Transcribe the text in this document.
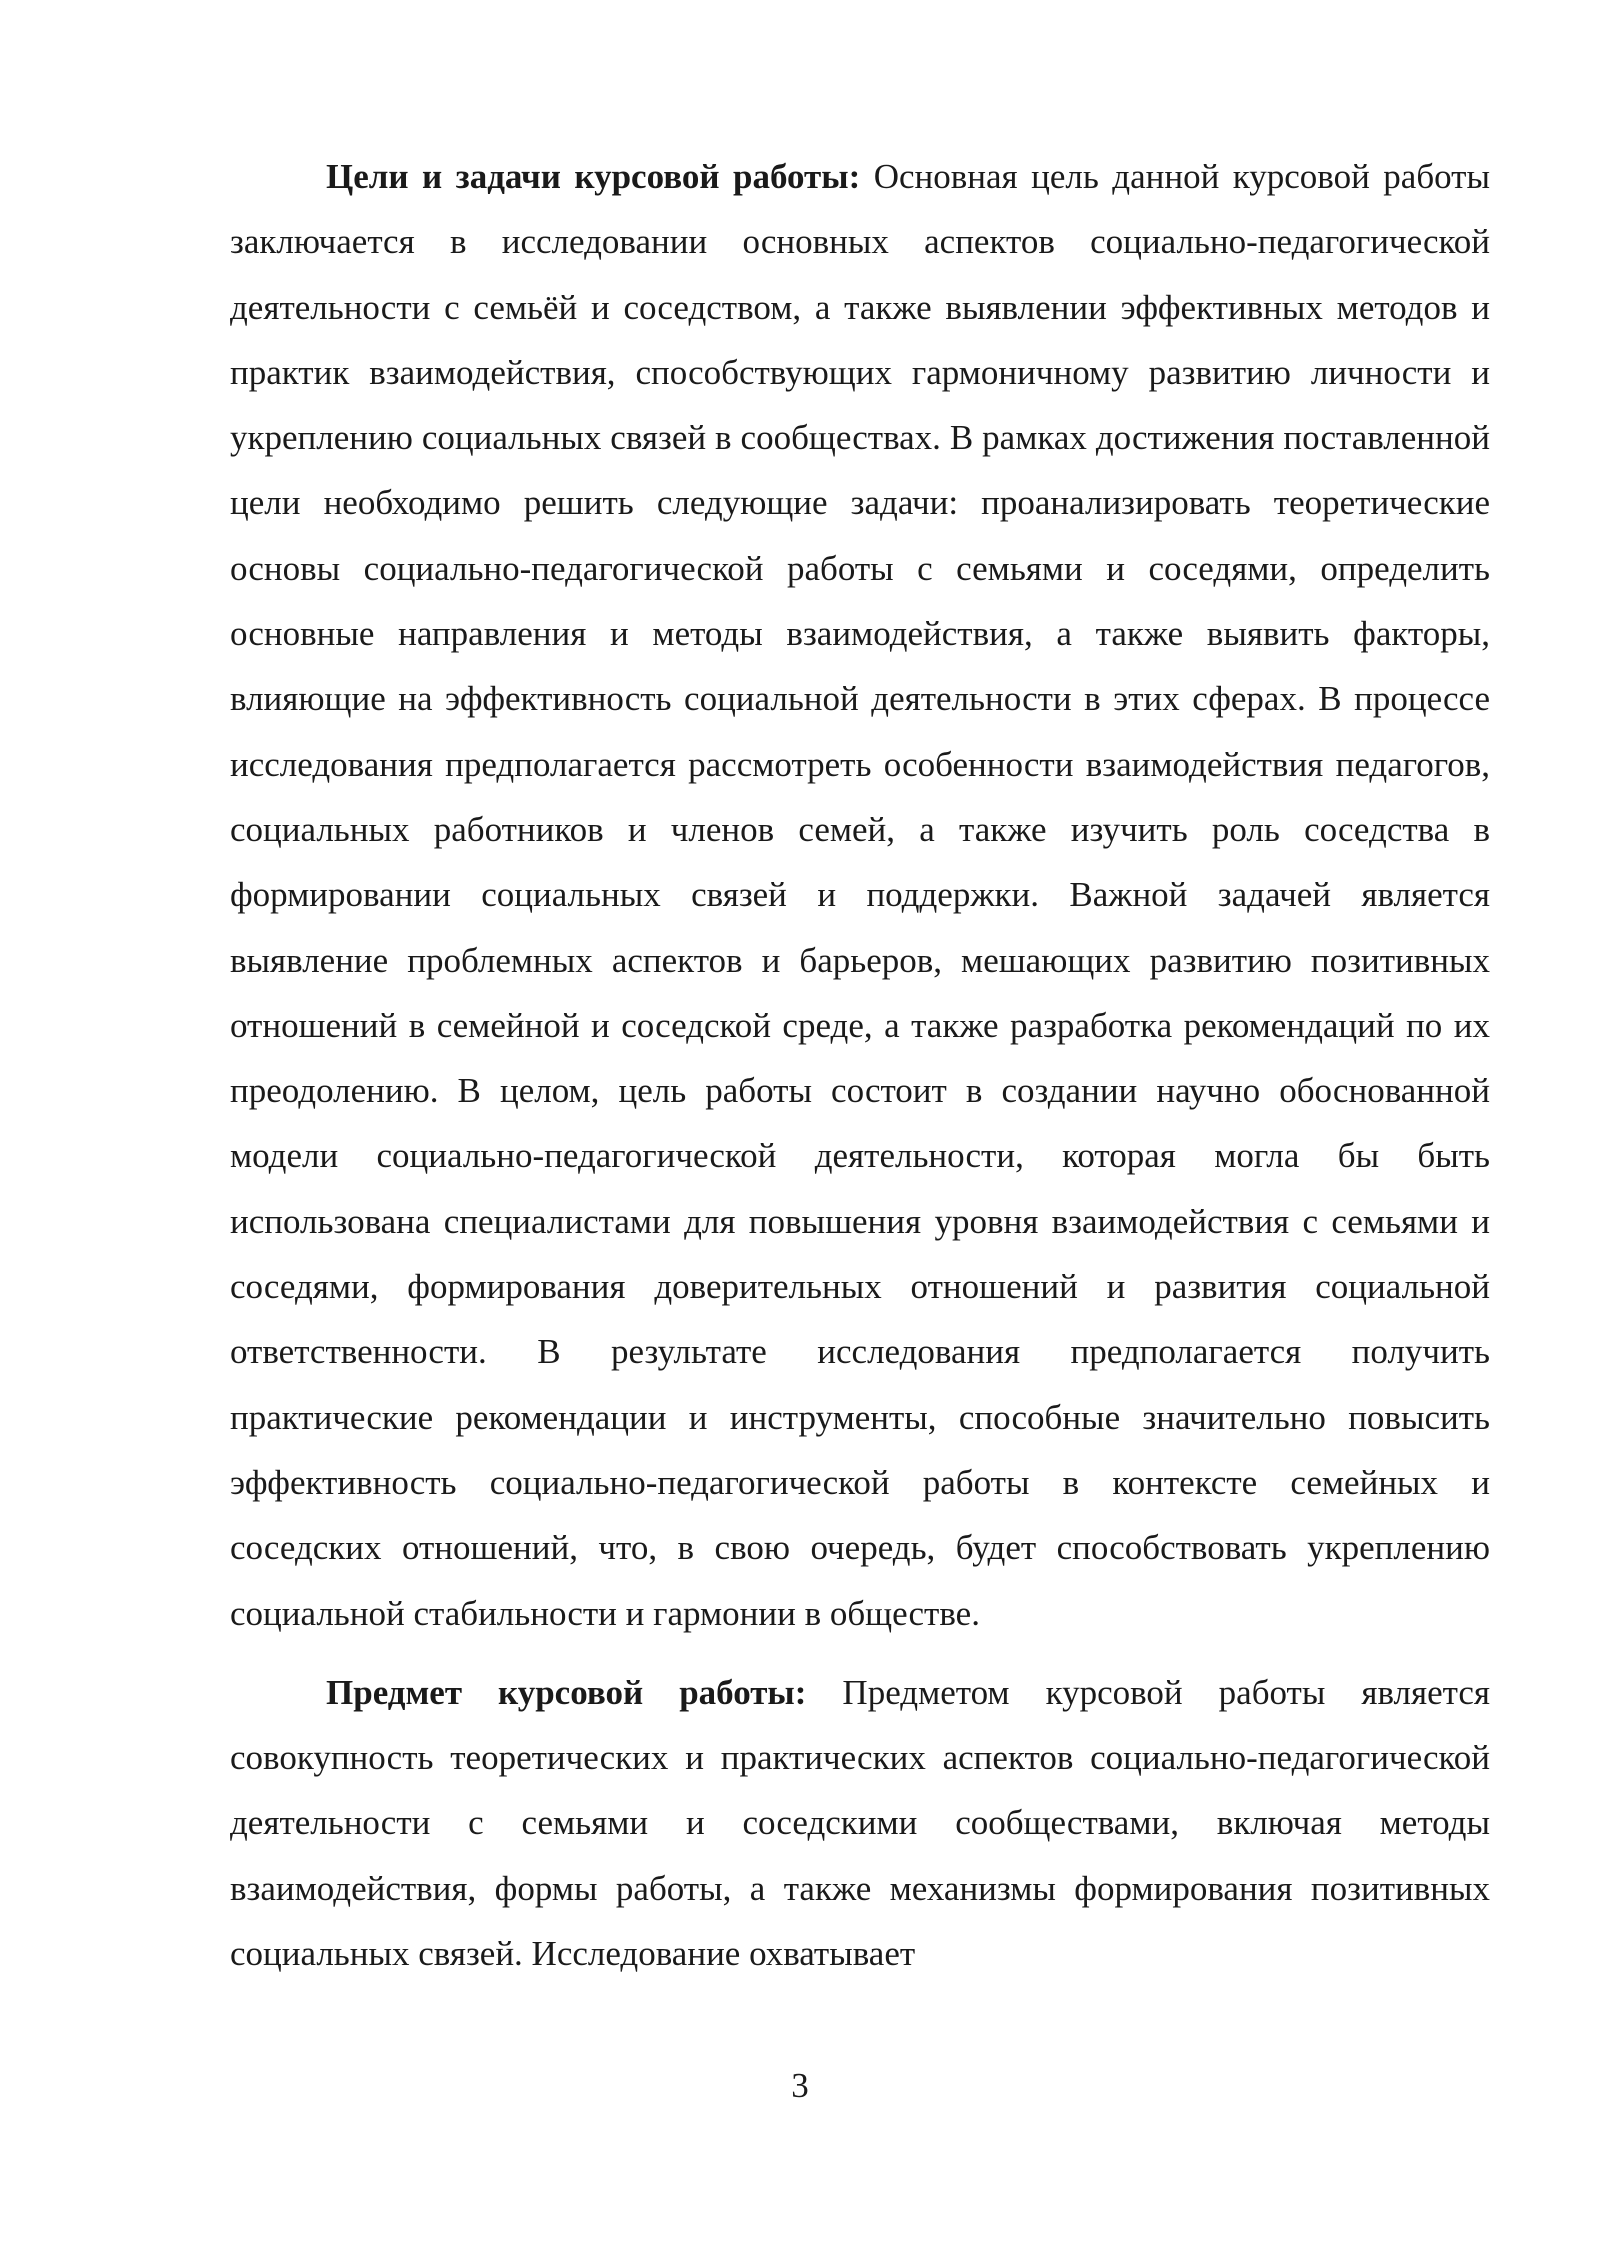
Цели и задачи курсовой работы: Основная цель данной курсовой работы заключается в исследовании основных аспектов социально-педагогической деятельности с семьёй и соседством, а также выявлении эффективных методов и практик взаимодействия, способствующих гармоничному развитию личности и укреплению социальных связей в сообществах. В рамках достижения поставленной цели необходимо решить следующие задачи: проанализировать теоретические основы социально-педагогической работы с семьями и соседями, определить основные направления и методы взаимодействия, а также выявить факторы, влияющие на эффективность социальной деятельности в этих сферах. В процессе исследования предполагается рассмотреть особенности взаимодействия педагогов, социальных работников и членов семей, а также изучить роль соседства в формировании социальных связей и поддержки. Важной задачей является выявление проблемных аспектов и барьеров, мешающих развитию позитивных отношений в семейной и соседской среде, а также разработка рекомендаций по их преодолению. В целом, цель работы состоит в создании научно обоснованной модели социально-педагогической деятельности, которая могла бы быть использована специалистами для повышения уровня взаимодействия с семьями и соседями, формирования доверительных отношений и развития социальной ответственности. В результате исследования предполагается получить практические рекомендации и инструменты, способные значительно повысить эффективность социально-педагогической работы в контексте семейных и соседских отношений, что, в свою очередь, будет способствовать укреплению социальной стабильности и гармонии в обществе.

Предмет курсовой работы: Предметом курсовой работы является совокупность теоретических и практических аспектов социально-педагогической деятельности с семьями и соседскими сообществами, включая методы взаимодействия, формы работы, а также механизмы формирования позитивных социальных связей. Исследование охватывает

3
